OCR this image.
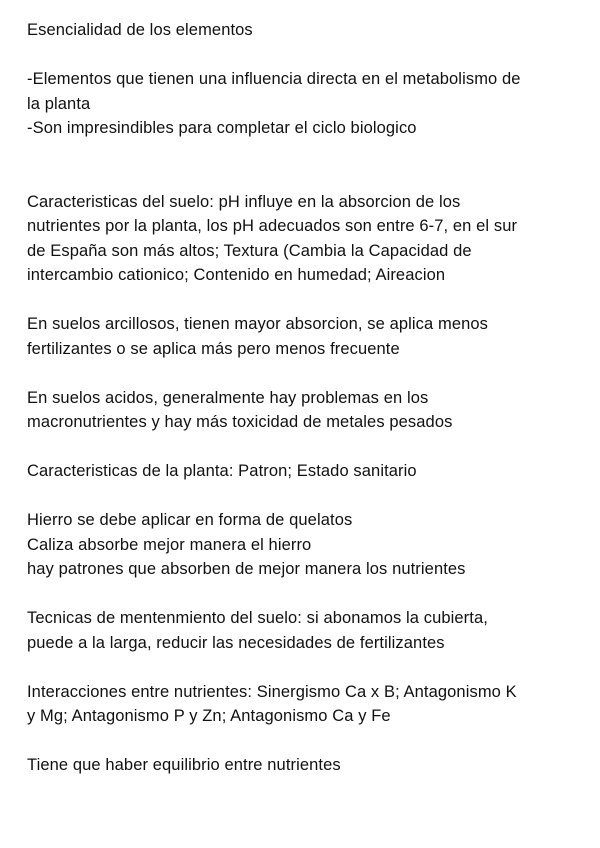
Esencialidad de los elementos
-Elementos que tienen una influencia directa en el metabolismo de
la planta
-Son impresindibles para completar el ciclo biologico
Caracteristicas del suelo: pH influye en la absorcion de los
nutrientes por la planta, los pH adecuados son entre 6-7, en el sur
de España son más altos; Textura (Cambia la Capacidad de
intercambio cationico; Contenido en humedad; Aireacion
En suelos arcillosos, tienen mayor absorcion, se aplica menos
fertilizantes o se aplica más pero menos frecuente
En suelos acidos, generalmente hay problemas en los
macronutrientes y hay más toxicidad de metales pesados
Caracteristicas de la planta: Patron; Estado sanitario
Hierro se debe aplicar en forma de quelatos
Caliza absorbe mejor manera el hierro
hay patrones que absorben de mejor manera los nutrientes
Tecnicas de mentenmiento del suelo: si abonamos la cubierta,
puede a la larga, reducir las necesidades de fertilizantes
Interacciones entre nutrientes: Sinergismo Ca x B; Antagonismo K
y Mg; Antagonismo P y Zn; Antagonismo Ca y Fe
Tiene que haber equilibrio entre nutrientes
